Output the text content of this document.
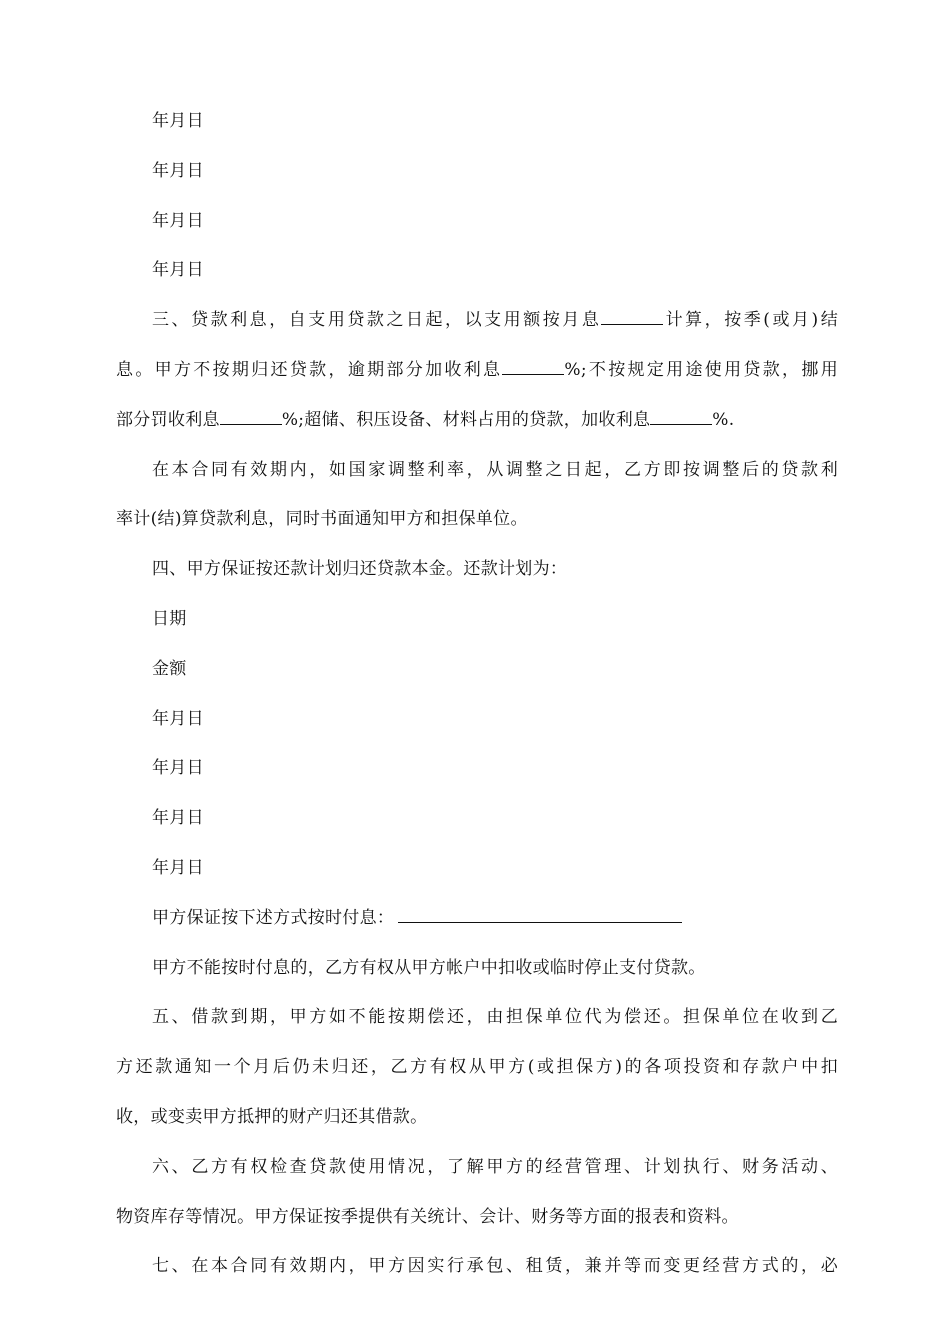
年月日
年月日
年月日
年月日
三、贷款利息，自支用贷款之日起，以支用额按月息	计算，按季(或月)结
息。甲方不按期归还贷款，逾期部分加收利息	%;不按规定用途使用贷款，挪用
部分罚收利息	%;超储、积压设备、材料占用的贷款，加收利息	%.
在本合同有效期内，如国家调整利率，从调整之日起，乙方即按调整后的贷款利
率计(结)算贷款利息，同时书面通知甲方和担保单位。
四、甲方保证按还款计划归还贷款本金。还款计划为：
日期
金额
年月日
年月日
年月日
年月日
甲方保证按下述方式按时付息：
甲方不能按时付息的，乙方有权从甲方帐户中扣收或临时停止支付贷款。
五、借款到期，甲方如不能按期偿还，由担保单位代为偿还。担保单位在收到乙
方还款通知一个月后仍未归还，乙方有权从甲方(或担保方)的各项投资和存款户中扣
收，或变卖甲方抵押的财产归还其借款。
六、乙方有权检查贷款使用情况，了解甲方的经营管理、计划执行、财务活动、
物资库存等情况。甲方保证按季提供有关统计、会计、财务等方面的报表和资料。
七、在本合同有效期内，甲方因实行承包、租赁，兼并等而变更经营方式的，必
